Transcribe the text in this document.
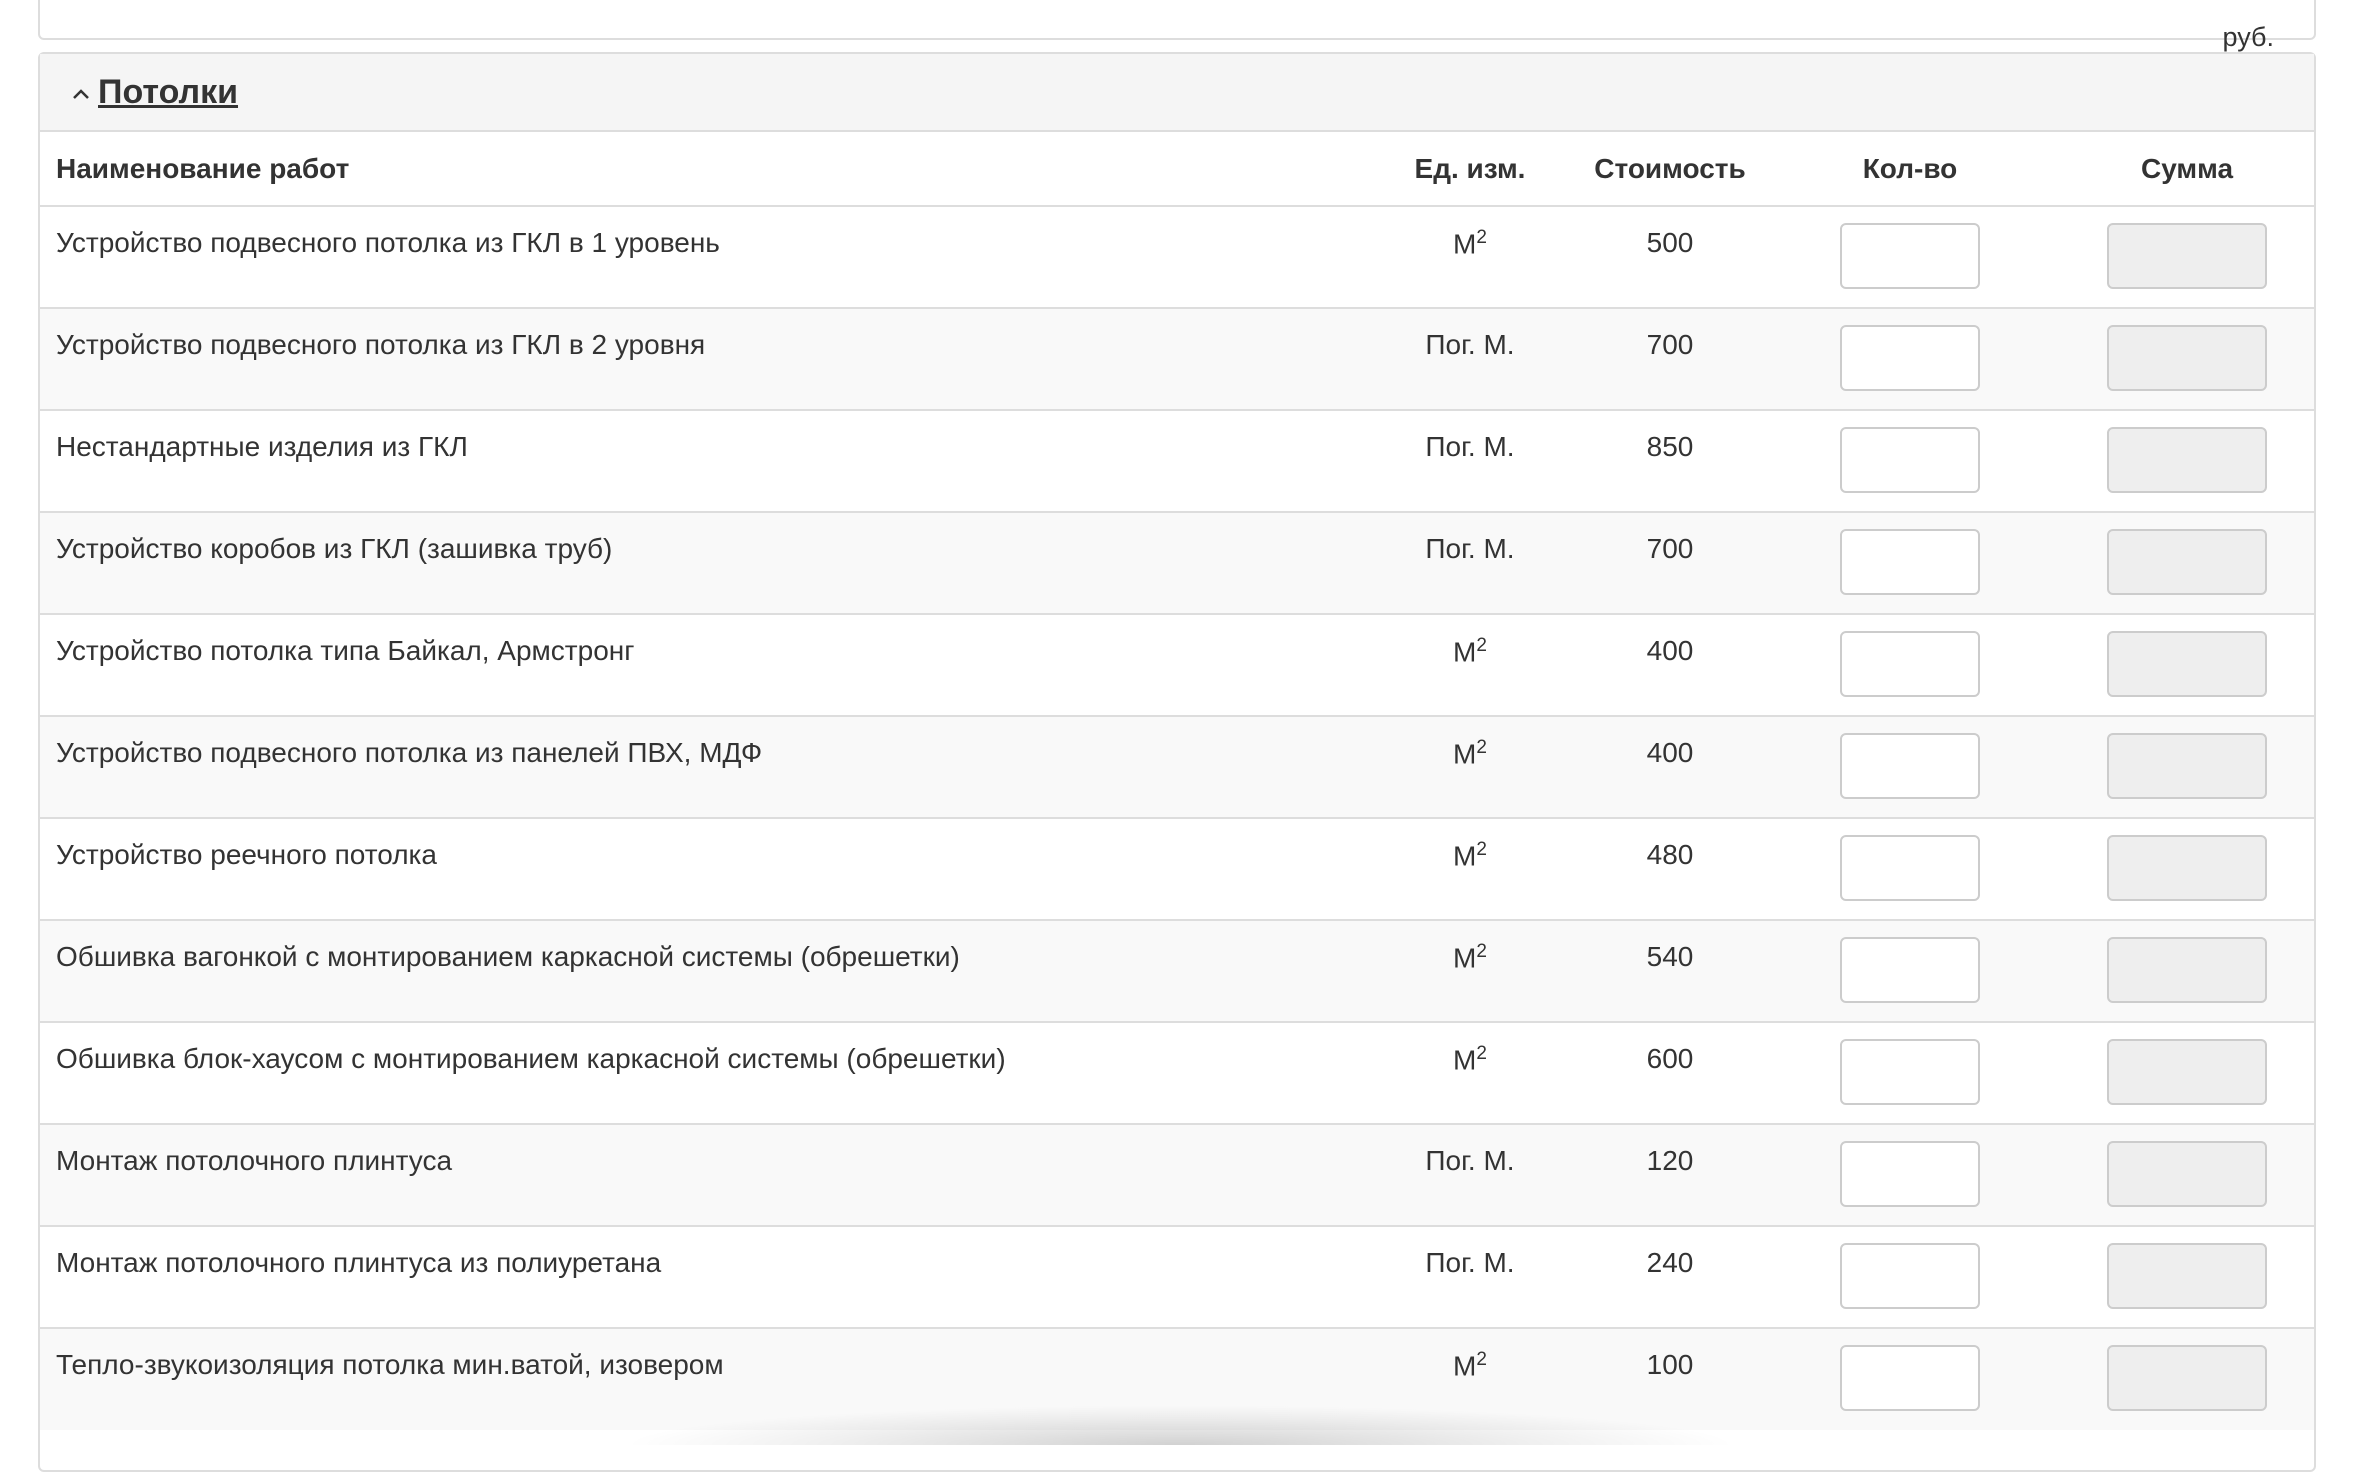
руб.
Потолки
Наименование работ	Ед. изм.	Стоимость	Кол-во	Сумма
Устройство подвесного потолка из ГКЛ в 1 уровень	$М^2$	500		
Устройство подвесного потолка из ГКЛ в 2 уровня	Пог. М.	700		
Нестандартные изделия из ГКЛ	Пог. М.	850		
Устройство коробов из ГКЛ (зашивка труб)	Пог. М.	700		
Устройство потолка типа Байкал, Армстронг	$М^2$	400		
Устройство подвесного потолка из панелей ПВХ, МДФ	$М^2$	400		
Устройство реечного потолка	$М^2$	480		
Обшивка вагонкой с монтированием каркасной системы (обрешетки)	$М^2$	540		
Обшивка блок-хаусом с монтированием каркасной системы (обрешетки)	$М^2$	600		
Монтаж потолочного плинтуса	Пог. М.	120		
Монтаж потолочного плинтуса из полиуретана	Пог. М.	240		
Тепло-звукоизоляция потолка мин.ватой, изовером	$М^2$	100		
